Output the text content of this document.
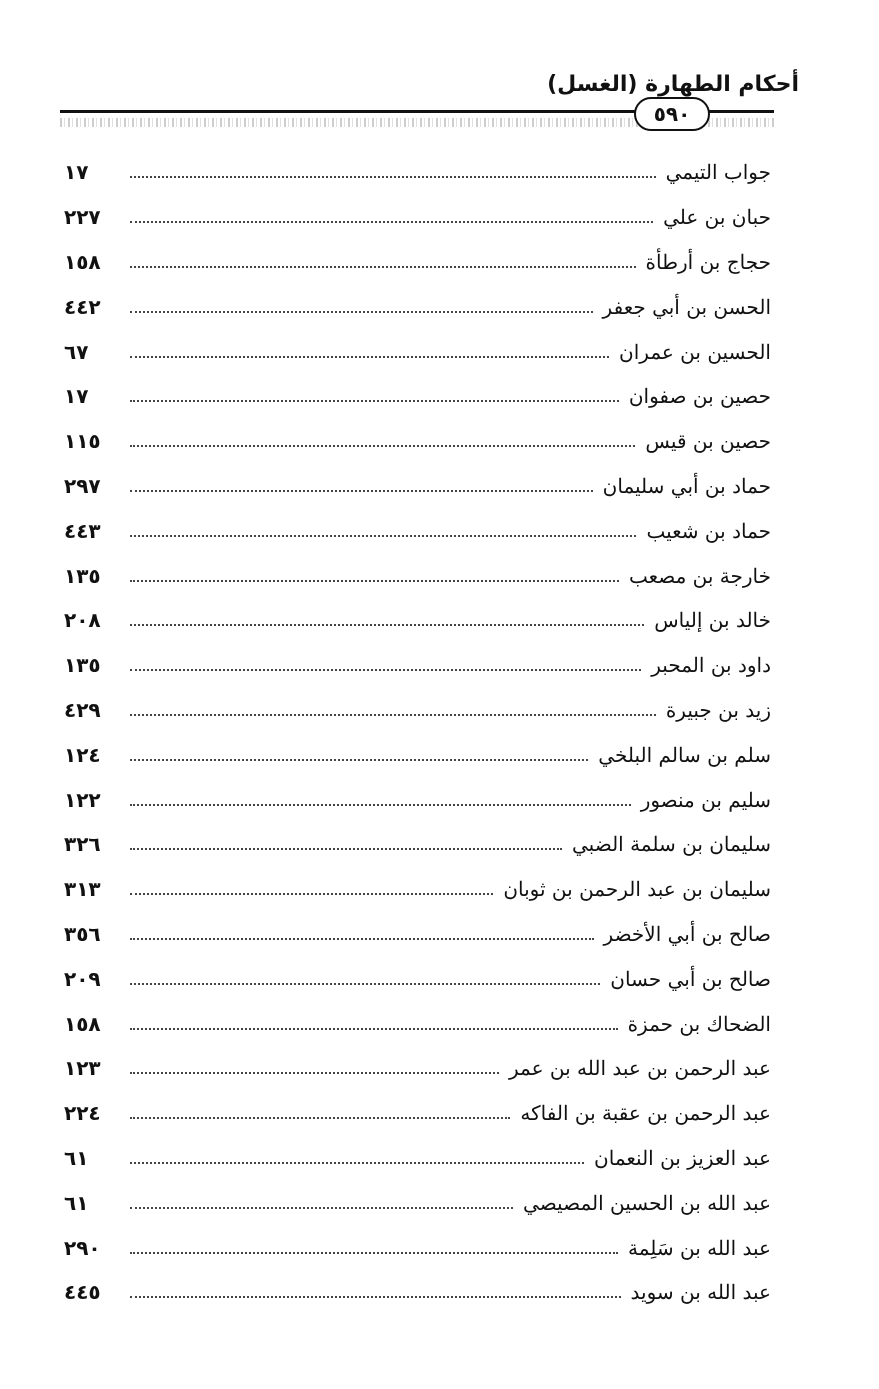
أحكام الطهارة (الغسل)
٥٩٠
جواب التيمي
١٧
حبان بن علي
٢٢٧
حجاج بن أرطأة
١٥٨
الحسن بن أبي جعفر
٤٤٢
الحسين بن عمران
٦٧
حصين بن صفوان
١٧
حصين بن قيس
١١٥
حماد بن أبي سليمان
٢٩٧
حماد بن شعيب
٤٤٣
خارجة بن مصعب
١٣٥
خالد بن إلياس
٢٠٨
داود بن المحبر
١٣٥
زيد بن جبيرة
٤٢٩
سلم بن سالم البلخي
١٢٤
سليم بن منصور
١٢٢
سليمان بن سلمة الضبي
٣٢٦
سليمان بن عبد الرحمن بن ثوبان
٣١٣
صالح بن أبي الأخضر
٣٥٦
صالح بن أبي حسان
٢٠٩
الضحاك بن حمزة
١٥٨
عبد الرحمن بن عبد الله بن عمر
١٢٣
عبد الرحمن بن عقبة بن الفاكه
٢٢٤
عبد العزيز بن النعمان
٦١
عبد الله بن الحسين المصيصي
٦١
عبد الله بن سَلِمة
٢٩٠
عبد الله بن سويد
٤٤٥
